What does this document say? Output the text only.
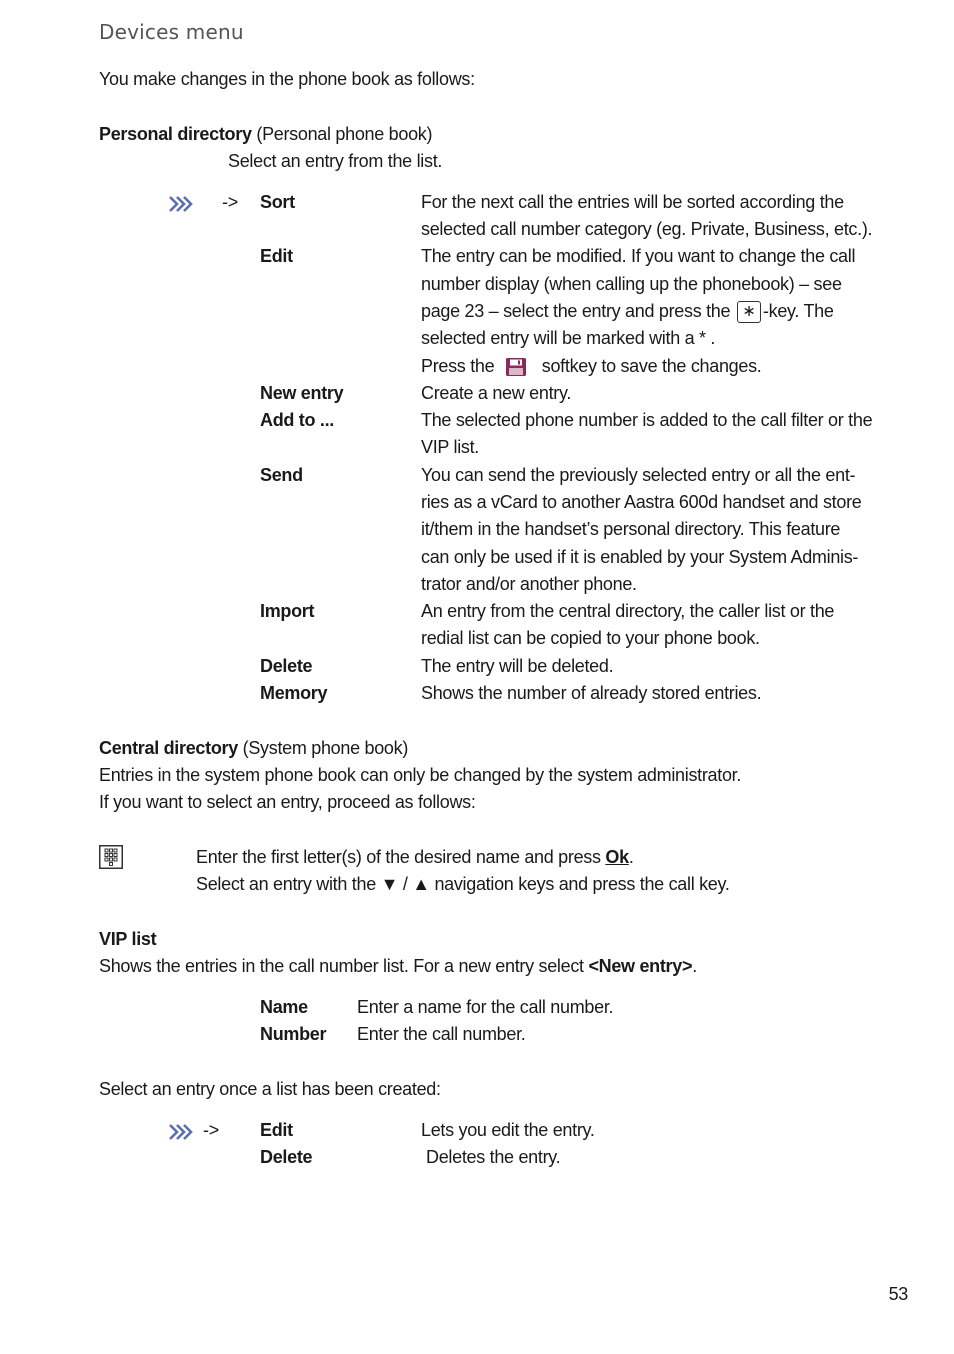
Devices menu
You make changes in the phone book as follows:
Personal directory (Personal phone book)
Select an entry from the list.
-> Sort	For the next call the entries will be sorted according the
selected call number category (eg. Private, Business, etc.).
Edit	The entry can be modified. If you want to change the call
number display (when calling up the phonebook) – see
page 23 – select the entry and press the ∗ -key. The
selected entry will be marked with a * .
Press the	softkey to save the changes.
New entry	Create a new entry.
Add to ...	The selected phone number is added to the call filter or the
VIP list.
Send	You can send the previously selected entry or all the ent-
ries as a vCard to another Aastra 600d handset and store
it/them in the handset’s personal directory. This feature
can only be used if it is enabled by your System Adminis-
trator and/or another phone.
Import	An entry from the central directory, the caller list or the
redial list can be copied to your phone book.
Delete	The entry will be deleted.
Memory	Shows the number of already stored entries.
Central directory (System phone book)
Entries in the system phone book can only be changed by the system administrator.
If you want to select an entry, proceed as follows:
Enter the first letter(s) of the desired name and press Ok.
Select an entry with the ▼ / ▲ navigation keys and press the call key.
VIP list
Shows the entries in the call number list. For a new entry select <New entry>.
Name	Enter a name for the call number.
Number Enter the call number.
Select an entry once a list has been created:
-> Edit	Lets you edit the entry.
Delete	Deletes the entry.
53
